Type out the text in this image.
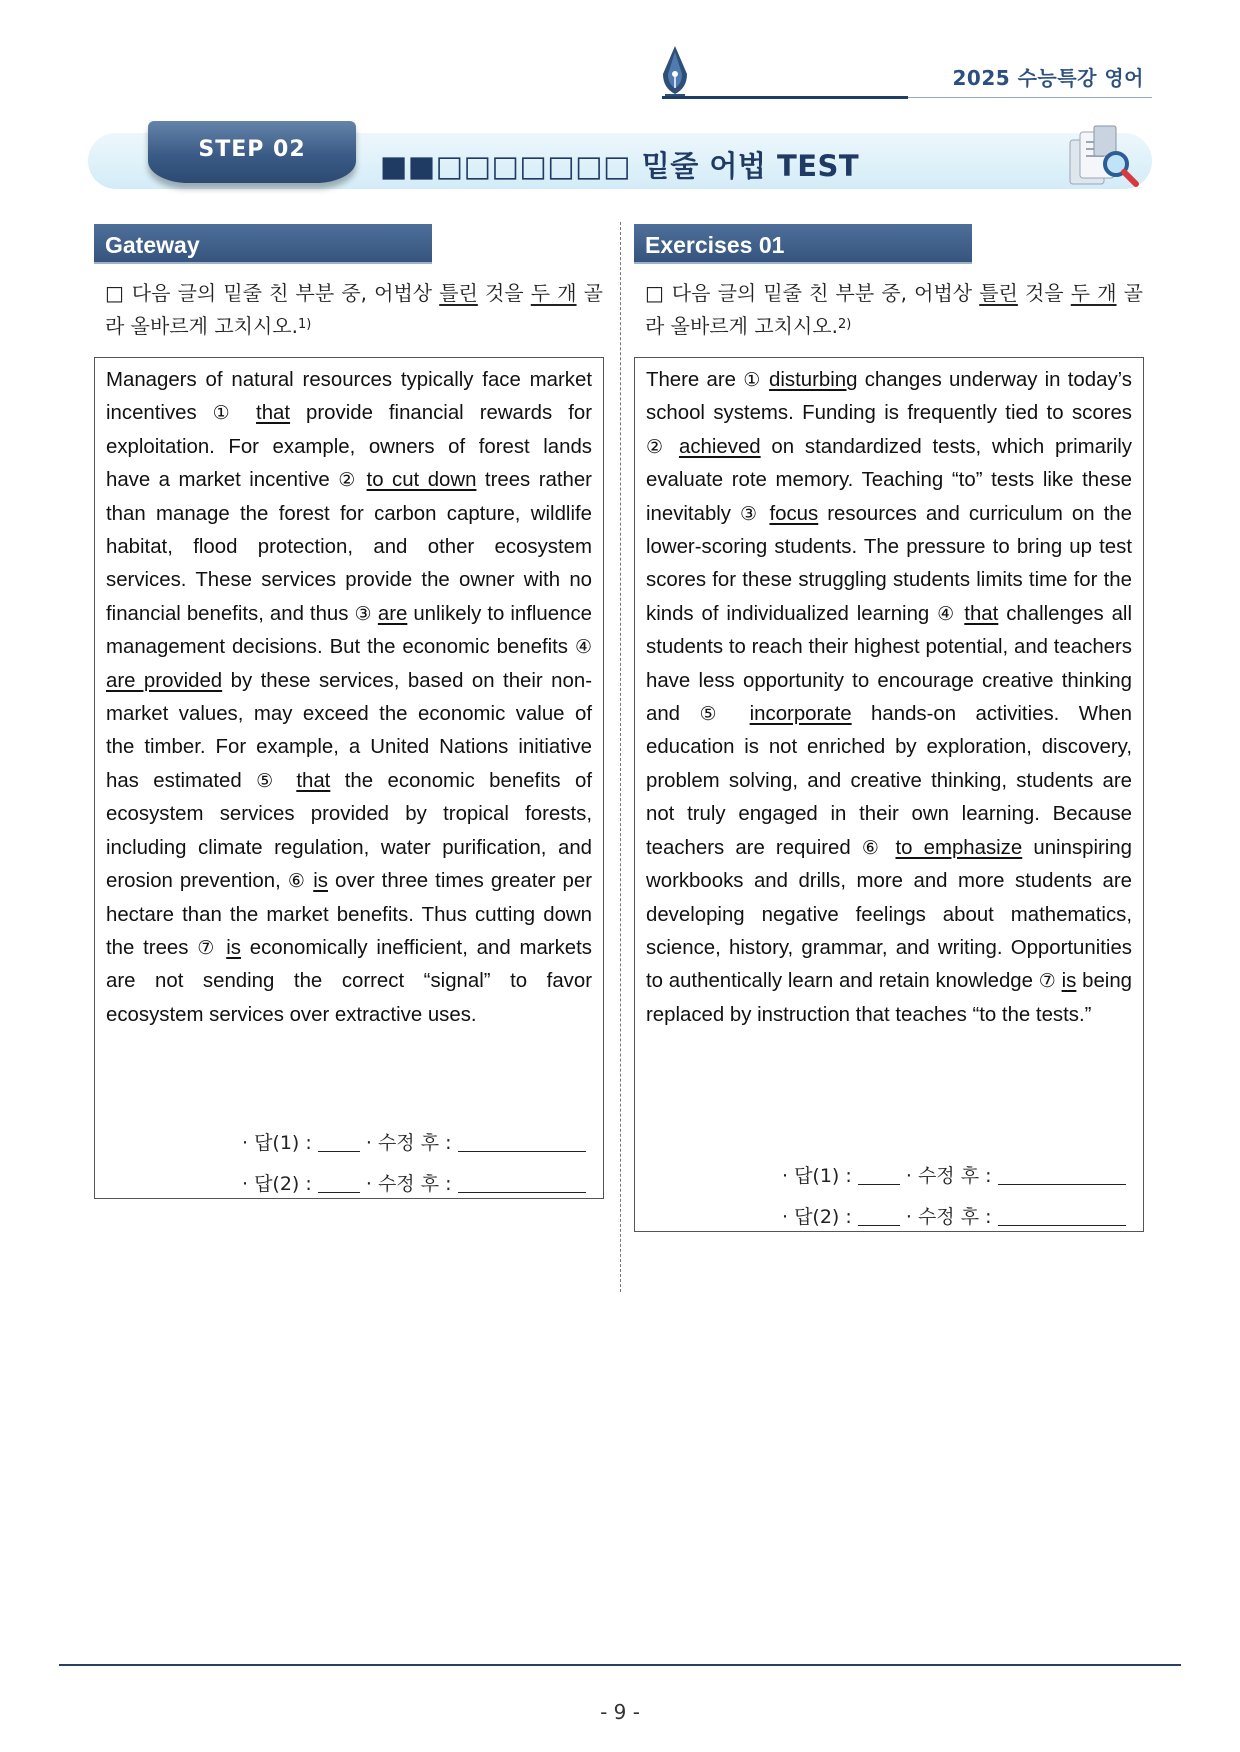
2025 수능특강 영어
STEP 02	■■□□□□□□□ 밑줄 어법 TEST
Gateway
□ 다음 글의 밑줄 친 부분 중, 어법상 틀린 것을 두 개 골라 올바르게 고치시오.$^{1)}$

Managers of natural resources typically face market incentives ① that provide financial rewards for exploitation. For example, owners of forest lands have a market incentive ② to cut down trees rather than manage the forest for carbon capture, wildlife habitat, flood protection, and other ecosystem services. These services provide the owner with no financial benefits, and thus ③ are unlikely to influence management decisions. But the economic benefits ④ are provided by these services, based on their non-market values, may exceed the economic value of the timber. For example, a United Nations initiative has estimated ⑤ that the economic benefits of ecosystem services provided by tropical forests, including climate regulation, water purification, and erosion prevention, ⑥ is over three times greater per hectare than the market benefits. Thus cutting down the trees ⑦ is economically inefficient, and markets are not sending the correct “signal” to favor ecosystem services over extractive uses.

· 답(1) :  · 수정 후 :
· 답(2) :  · 수정 후 :
Exercises 01
□ 다음 글의 밑줄 친 부분 중, 어법상 틀린 것을 두 개 골라 올바르게 고치시오.$^{2)}$

There are ① disturbing changes underway in today’s school systems. Funding is frequently tied to scores ② achieved on standardized tests, which primarily evaluate rote memory. Teaching “to” tests like these inevitably ③ focus resources and curriculum on the lower-scoring students. The pressure to bring up test scores for these struggling students limits time for the kinds of individualized learning ④ that challenges all students to reach their highest potential, and teachers have less opportunity to encourage creative thinking and ⑤ incorporate hands-on activities. When education is not enriched by exploration, discovery, problem solving, and creative thinking, students are not truly engaged in their own learning. Because teachers are required ⑥ to emphasize uninspiring workbooks and drills, more and more students are developing negative feelings about mathematics, science, history, grammar, and writing. Opportunities to authentically learn and retain knowledge ⑦ is being replaced by instruction that teaches “to the tests.”

· 답(1) :  · 수정 후 :
· 답(2) :  · 수정 후 :
- 9 -
